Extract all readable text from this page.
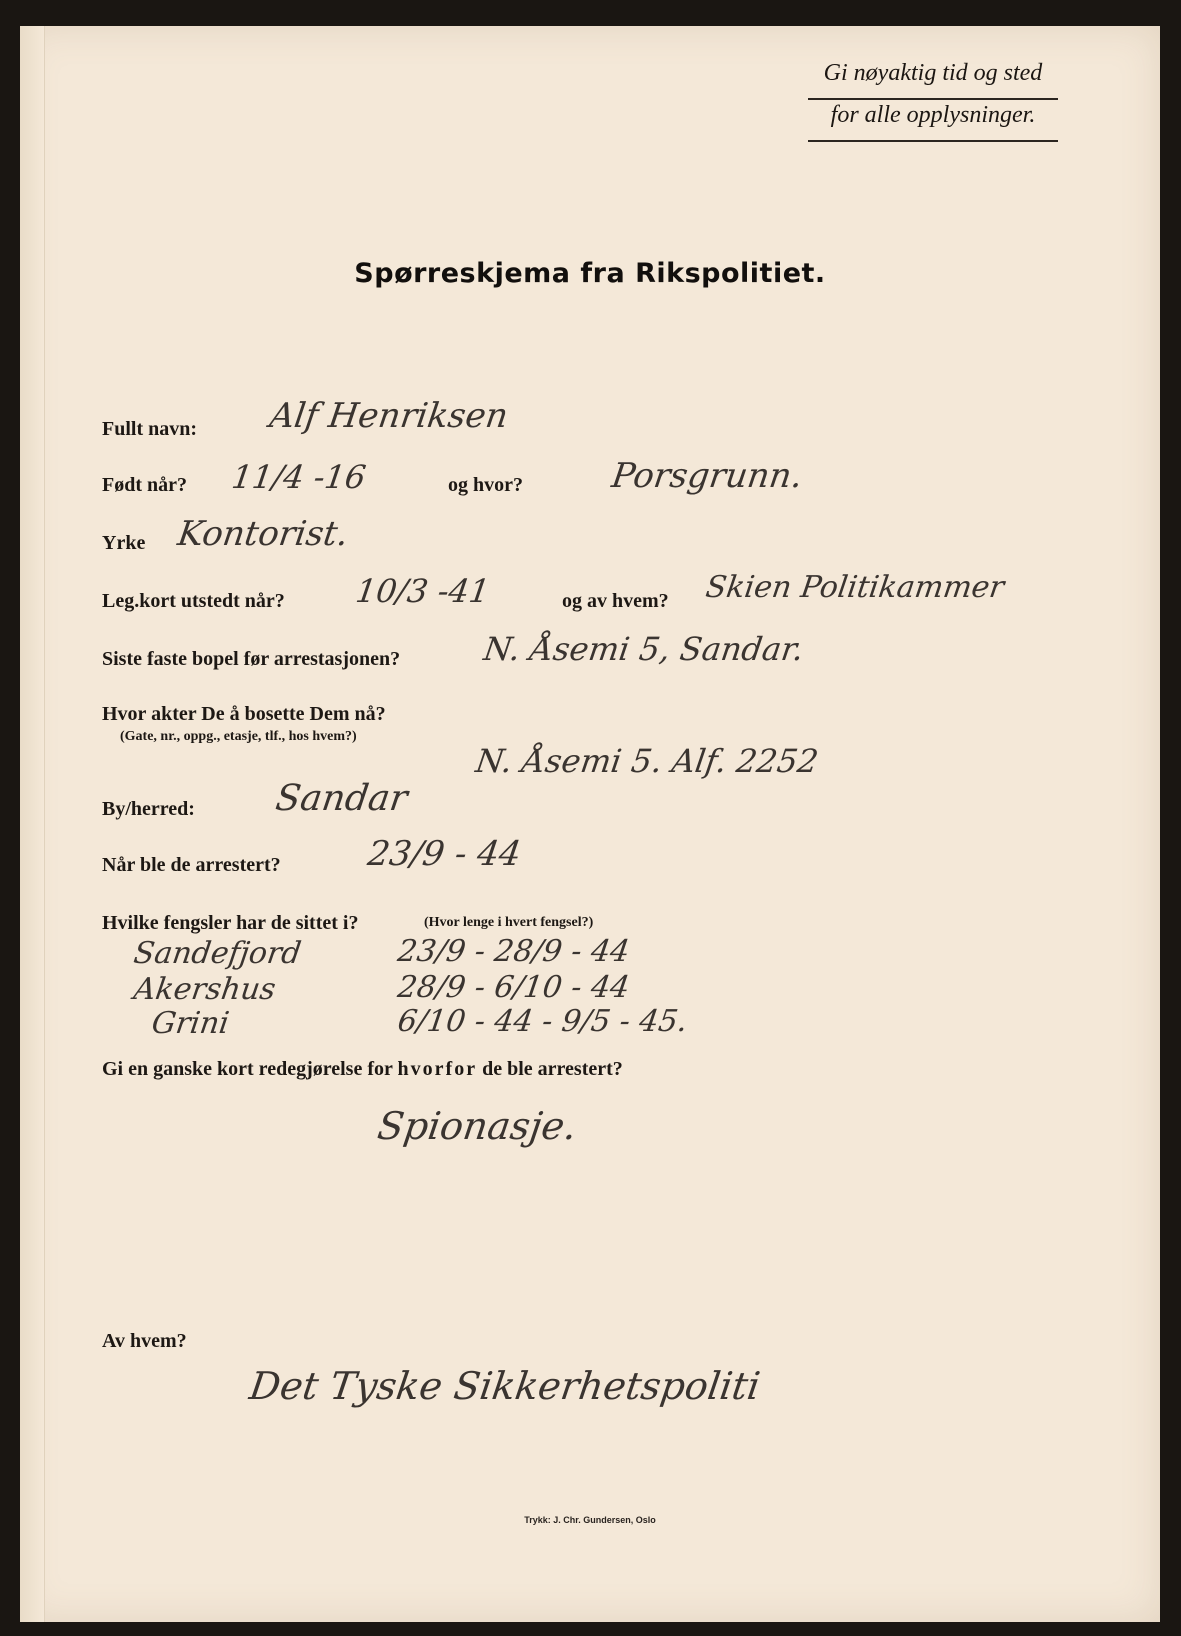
Gi nøyaktig tid og sted
for alle opplysninger.
Spørreskjema fra Rikspolitiet.
Fullt navn: Alf Henriksen
Født når? 11/4 -16	og hvor?	Porsgrunn.
Yrke Kontorist.
Leg.kort utstedt når? 10/3 -41	og av hvem? Skien Politikammer
Siste faste bopel før arrestasjonen?	N. Åsemi 5, Sandar.
Hvor akter De å bosette Dem nå?
(Gate, nr., oppg., etasje, tlf., hos hvem?)
N. Åsemi 5. Alf. 2252
By/herred: Sandar
Når ble de arrestert? 23/9 - 44
Hvilke fengsler har de sittet i?	(Hvor lenge i hvert fengsel?)
Sandefjord	23/9 - 28/9 - 44
Akershus	28/9 - 6/10 - 44
Grini	6/10 - 44 - 9/5 - 45.
Gi en ganske kort redegjørelse for hvorfor de ble arrestert?
Spionasje.
Av hvem?
Det Tyske Sikkerhetspoliti
Trykk: J. Chr. Gundersen, Oslo
